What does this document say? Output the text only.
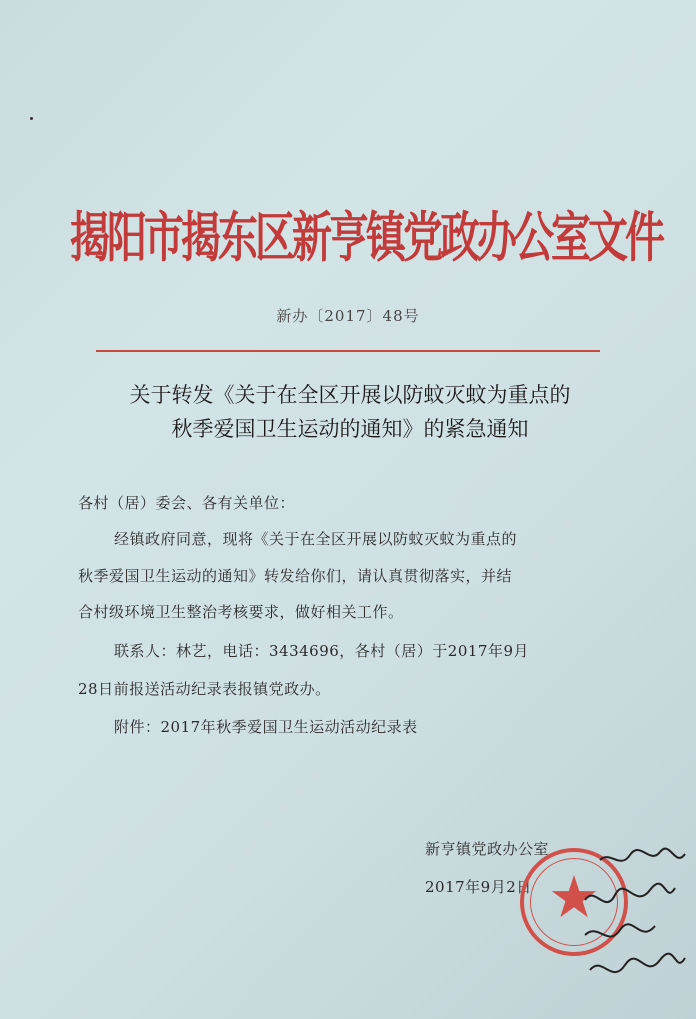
揭阳市揭东区新亨镇党政办公室文件
新办〔2017〕48号
关于转发《关于在全区开展以防蚊灭蚊为重点的
秋季爱国卫生运动的通知》的紧急通知
各村（居）委会、各有关单位：
经镇政府同意，现将《关于在全区开展以防蚊灭蚊为重点的
秋季爱国卫生运动的通知》转发给你们，请认真贯彻落实，并结
合村级环境卫生整治考核要求，做好相关工作。
联系人：林艺，电话：3434696，各村（居）于2017年9月
28日前报送活动纪录表报镇党政办。
附件：2017年秋季爱国卫生运动活动纪录表
新亨镇党政办公室
2017年9月2日 ★
